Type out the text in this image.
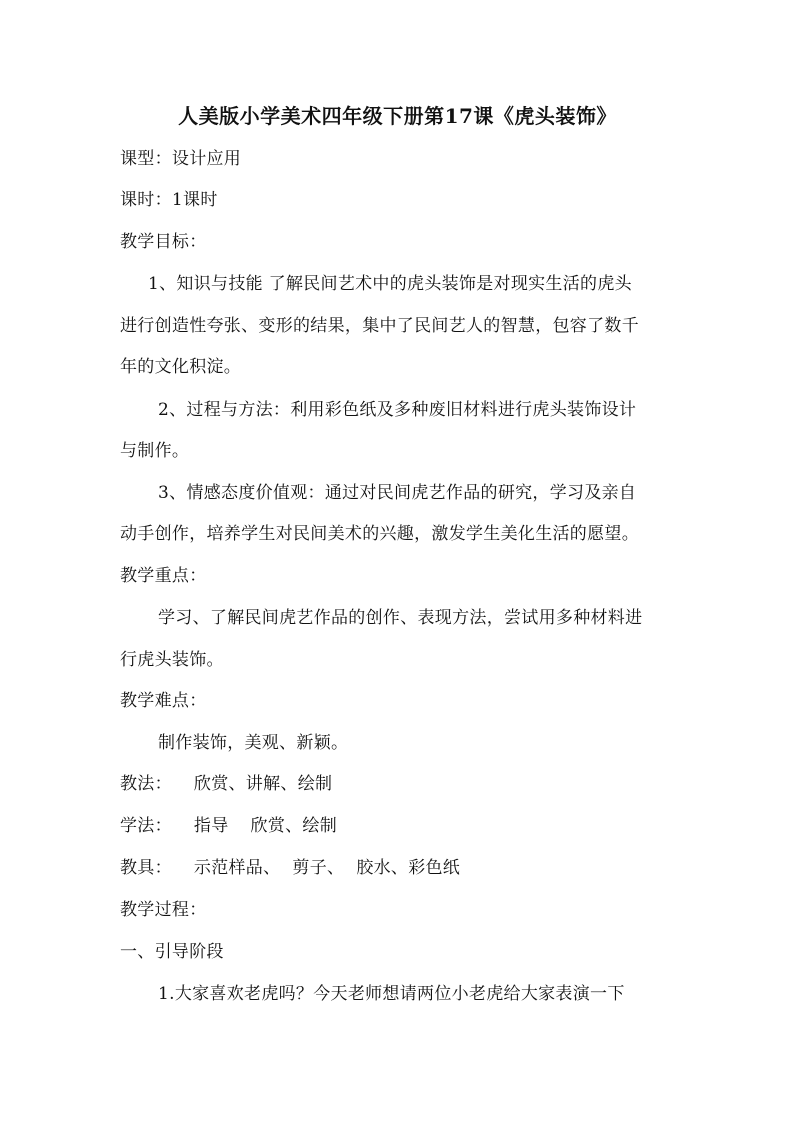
人美版小学美术四年级下册第17课《虎头装饰》
课型：设计应用
课时：1课时
教学目标：
1、知识与技能 了解民间艺术中的虎头装饰是对现实生活的虎头
进行创造性夸张、变形的结果，集中了民间艺人的智慧，包容了数千
年的文化积淀。
2、过程与方法：利用彩色纸及多种废旧材料进行虎头装饰设计
与制作。
3、情感态度价值观：通过对民间虎艺作品的研究，学习及亲自
动手创作，培养学生对民间美术的兴趣，激发学生美化生活的愿望。
教学重点：
学习、了解民间虎艺作品的创作、表现方法，尝试用多种材料进
行虎头装饰。
教学难点：
制作装饰，美观、新颖。
教法： 欣赏、讲解、绘制
学法： 指导 欣赏、绘制
教具： 示范样品、 剪子、 胶水、彩色纸
教学过程：
一、引导阶段
1.大家喜欢老虎吗？今天老师想请两位小老虎给大家表演一下
